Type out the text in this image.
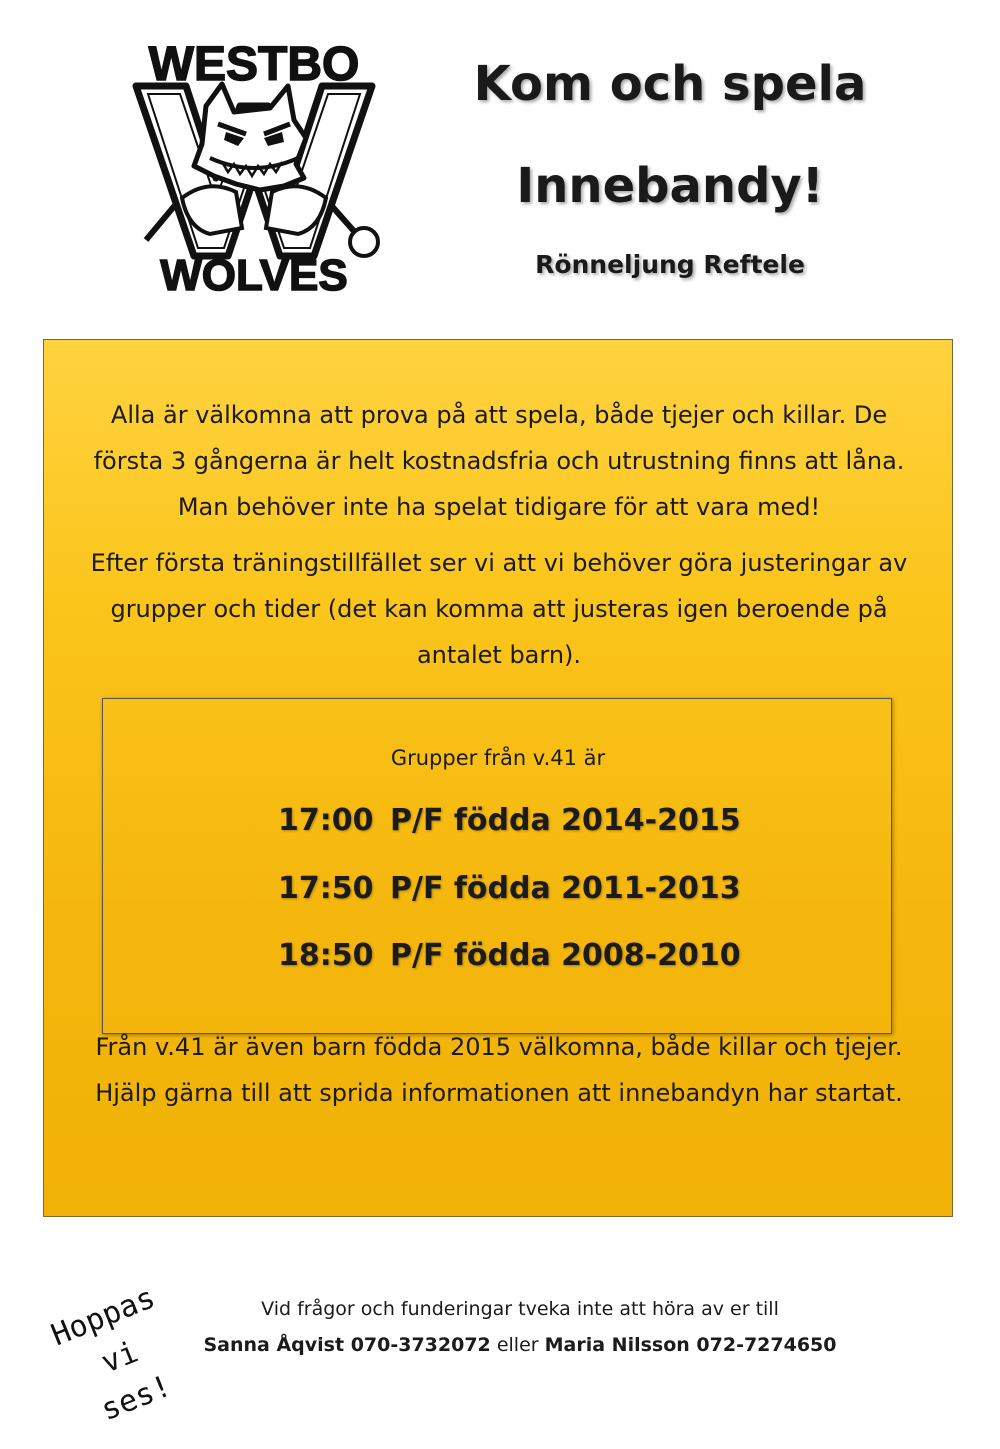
WESTBO
WOLVES
Kom och spela
Innebandy!
Rönneljung Reftele
Alla är välkomna att prova på att spela, både tjejer och killar. De
första 3 gångerna är helt kostnadsfria och utrustning finns att låna.
Man behöver inte ha spelat tidigare för att vara med!
Efter första träningstillfället ser vi att vi behöver göra justeringar av
grupper och tider (det kan komma att justeras igen beroende på
antalet barn).
Grupper från v.41 är
17:00 P/F födda 2014-2015
17:50 P/F födda 2011-2013
18:50 P/F födda 2008-2010
Från v.41 är även barn födda 2015 välkomna, både killar och tjejer.
Hjälp gärna till att sprida informationen att innebandyn har startat.
Hoppas vi
ses!
Vid frågor och funderingar tveka inte att höra av er till
Sanna Åqvist 070-3732072 eller Maria Nilsson 072-7274650
